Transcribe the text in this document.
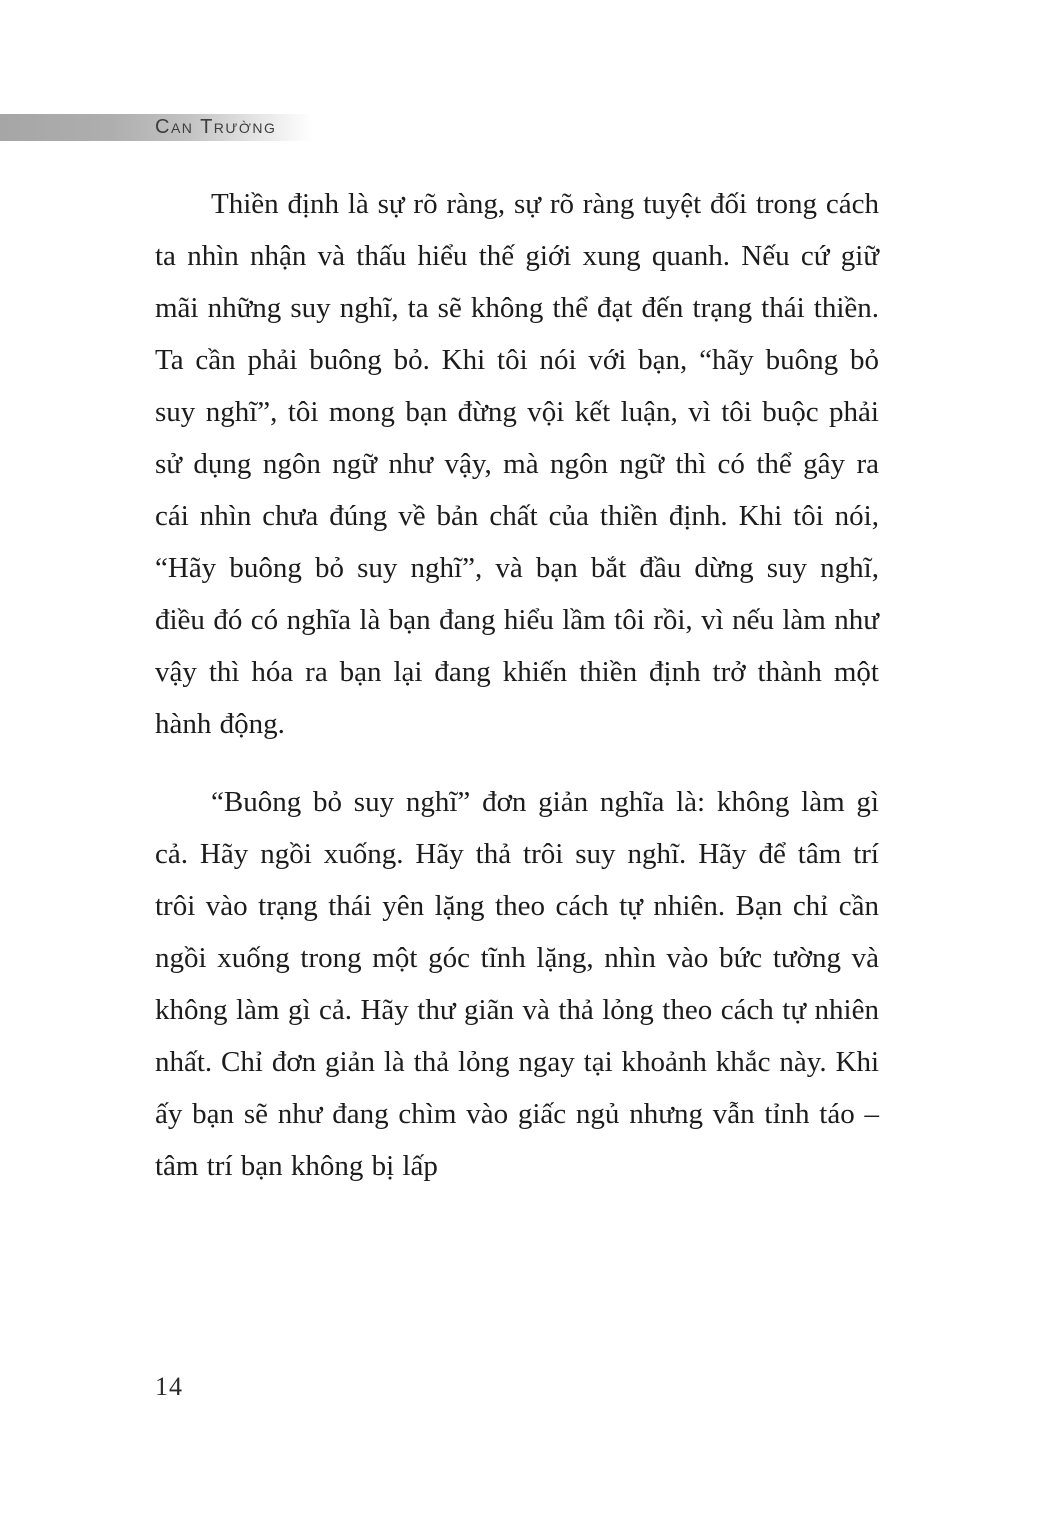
Can Trường

Thiền định là sự rõ ràng, sự rõ ràng tuyệt đối trong cách ta nhìn nhận và thấu hiểu thế giới xung quanh. Nếu cứ giữ mãi những suy nghĩ, ta sẽ không thể đạt đến trạng thái thiền. Ta cần phải buông bỏ. Khi tôi nói với bạn, “hãy buông bỏ suy nghĩ”, tôi mong bạn đừng vội kết luận, vì tôi buộc phải sử dụng ngôn ngữ như vậy, mà ngôn ngữ thì có thể gây ra cái nhìn chưa đúng về bản chất của thiền định. Khi tôi nói, “Hãy buông bỏ suy nghĩ”, và bạn bắt đầu dừng suy nghĩ, điều đó có nghĩa là bạn đang hiểu lầm tôi rồi, vì nếu làm như vậy thì hóa ra bạn lại đang khiến thiền định trở thành một hành động.

“Buông bỏ suy nghĩ” đơn giản nghĩa là: không làm gì cả. Hãy ngồi xuống. Hãy thả trôi suy nghĩ. Hãy để tâm trí trôi vào trạng thái yên lặng theo cách tự nhiên. Bạn chỉ cần ngồi xuống trong một góc tĩnh lặng, nhìn vào bức tường và không làm gì cả. Hãy thư giãn và thả lỏng theo cách tự nhiên nhất. Chỉ đơn giản là thả lỏng ngay tại khoảnh khắc này. Khi ấy bạn sẽ như đang chìm vào giấc ngủ nhưng vẫn tỉnh táo – tâm trí bạn không bị lấp

14
